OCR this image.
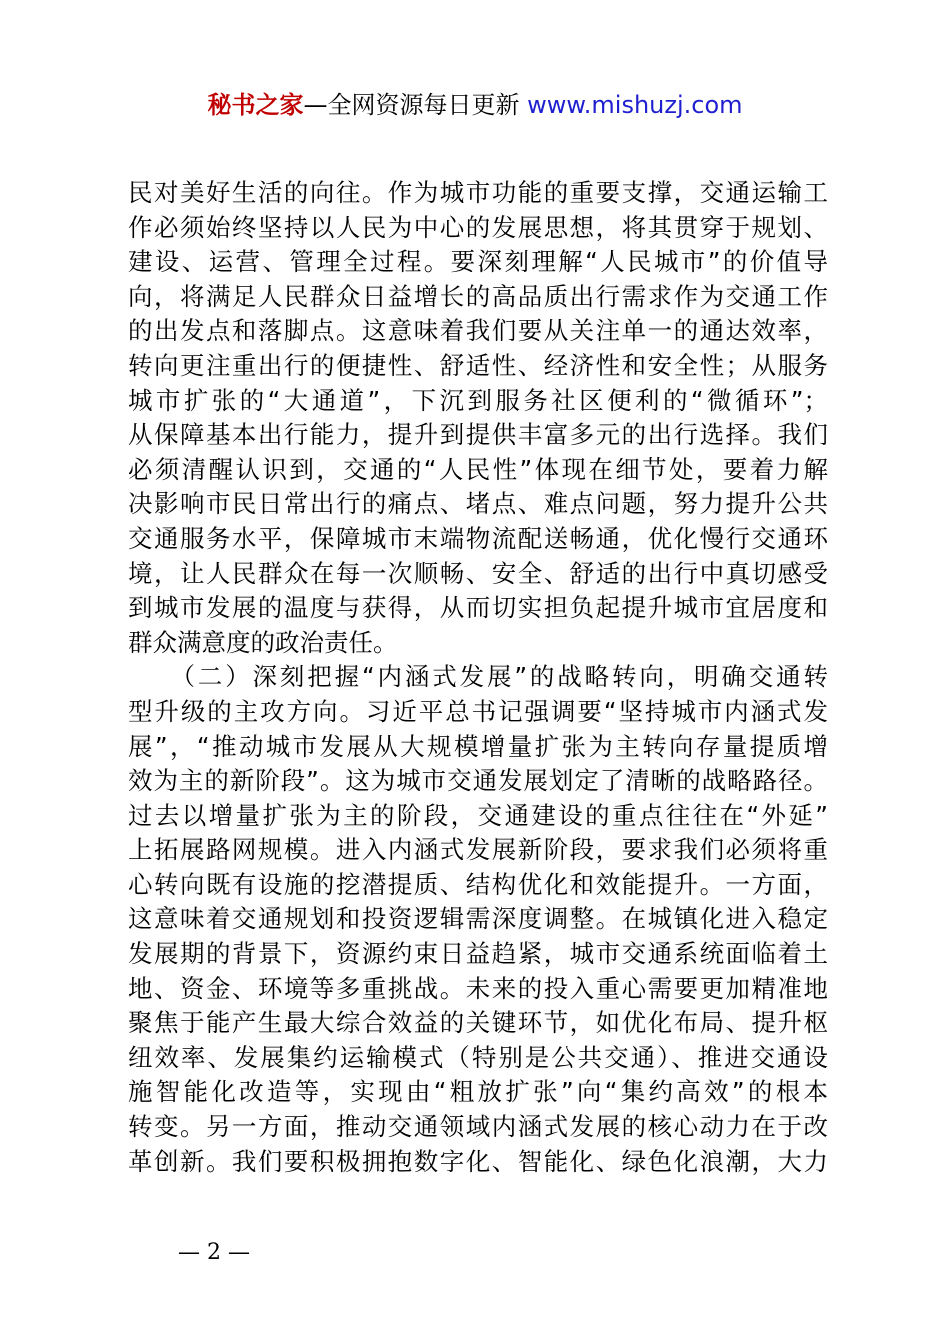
秘书之家—全网资源每日更新 www.mishuzj.com
民对美好生活的向往。作为城市功能的重要支撑，交通运输工
作必须始终坚持以人民为中心的发展思想，将其贯穿于规划、
建设、运营、管理全过程。要深刻理解“人民城市”的价值导
向，将满足人民群众日益增长的高品质出行需求作为交通工作
的出发点和落脚点。这意味着我们要从关注单一的通达效率，
转向更注重出行的便捷性、舒适性、经济性和安全性；从服务
城市扩张的“大通道”，下沉到服务社区便利的“微循环”；
从保障基本出行能力，提升到提供丰富多元的出行选择。我们
必须清醒认识到，交通的“人民性”体现在细节处，要着力解
决影响市民日常出行的痛点、堵点、难点问题，努力提升公共
交通服务水平，保障城市末端物流配送畅通，优化慢行交通环
境，让人民群众在每一次顺畅、安全、舒适的出行中真切感受
到城市发展的温度与获得，从而切实担负起提升城市宜居度和
群众满意度的政治责任。
　　（二）深刻把握“内涵式发展”的战略转向，明确交通转
型升级的主攻方向。习近平总书记强调要“坚持城市内涵式发
展”，“推动城市发展从大规模增量扩张为主转向存量提质增
效为主的新阶段”。这为城市交通发展划定了清晰的战略路径。
过去以增量扩张为主的阶段，交通建设的重点往往在“外延”
上拓展路网规模。进入内涵式发展新阶段，要求我们必须将重
心转向既有设施的挖潜提质、结构优化和效能提升。一方面，
这意味着交通规划和投资逻辑需深度调整。在城镇化进入稳定
发展期的背景下，资源约束日益趋紧，城市交通系统面临着土
地、资金、环境等多重挑战。未来的投入重心需要更加精准地
聚焦于能产生最大综合效益的关键环节，如优化布局、提升枢
纽效率、发展集约运输模式（特别是公共交通）、推进交通设
施智能化改造等，实现由“粗放扩张”向“集约高效”的根本
转变。另一方面，推动交通领域内涵式发展的核心动力在于改
革创新。我们要积极拥抱数字化、智能化、绿色化浪潮，大力
— 2 —
